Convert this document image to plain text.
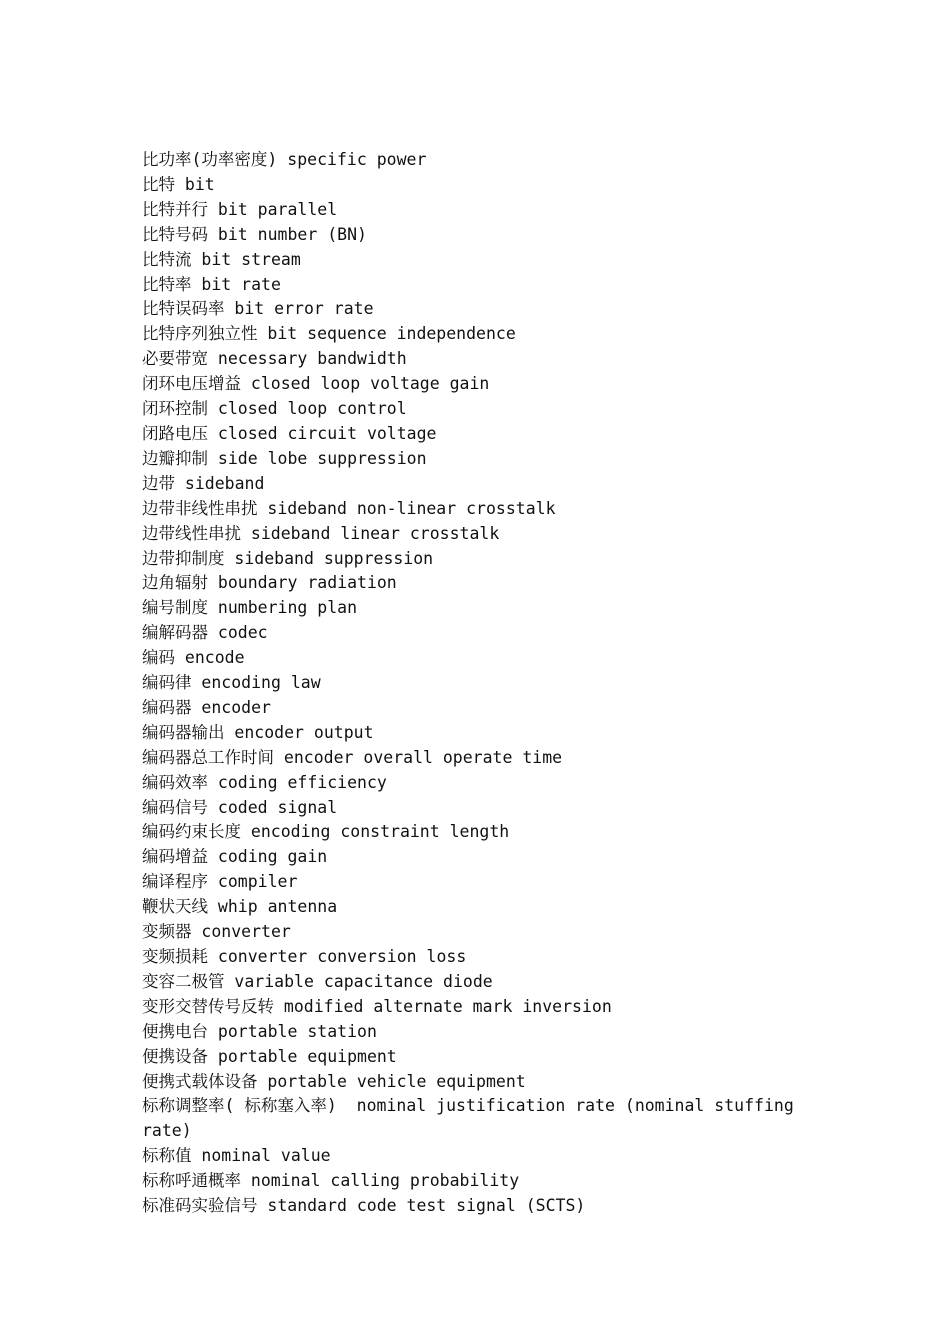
比功率(功率密度) specific power
比特 bit
比特并行 bit parallel
比特号码 bit number (BN)
比特流 bit stream
比特率 bit rate
比特误码率 bit error rate
比特序列独立性 bit sequence independence
必要带宽 necessary bandwidth
闭环电压增益 closed loop voltage gain
闭环控制 closed loop control
闭路电压 closed circuit voltage
边瓣抑制 side lobe suppression
边带 sideband
边带非线性串扰 sideband non-linear crosstalk
边带线性串扰 sideband linear crosstalk
边带抑制度 sideband suppression
边角辐射 boundary radiation
编号制度 numbering plan
编解码器 codec
编码 encode
编码律 encoding law
编码器 encoder
编码器输出 encoder output
编码器总工作时间 encoder overall operate time
编码效率 coding efficiency
编码信号 coded signal
编码约束长度 encoding constraint length
编码增益 coding gain
编译程序 compiler
鞭状天线 whip antenna
变频器 converter
变频损耗 converter conversion loss
变容二极管 variable capacitance diode
变形交替传号反转 modified alternate mark inversion
便携电台 portable station
便携设备 portable equipment
便携式载体设备 portable vehicle equipment
标称调整率( 标称塞入率)  nominal justification rate (nominal stuffing rate)
标称值 nominal value
标称呼通概率 nominal calling probability
标准码实验信号 standard code test signal (SCTS)
